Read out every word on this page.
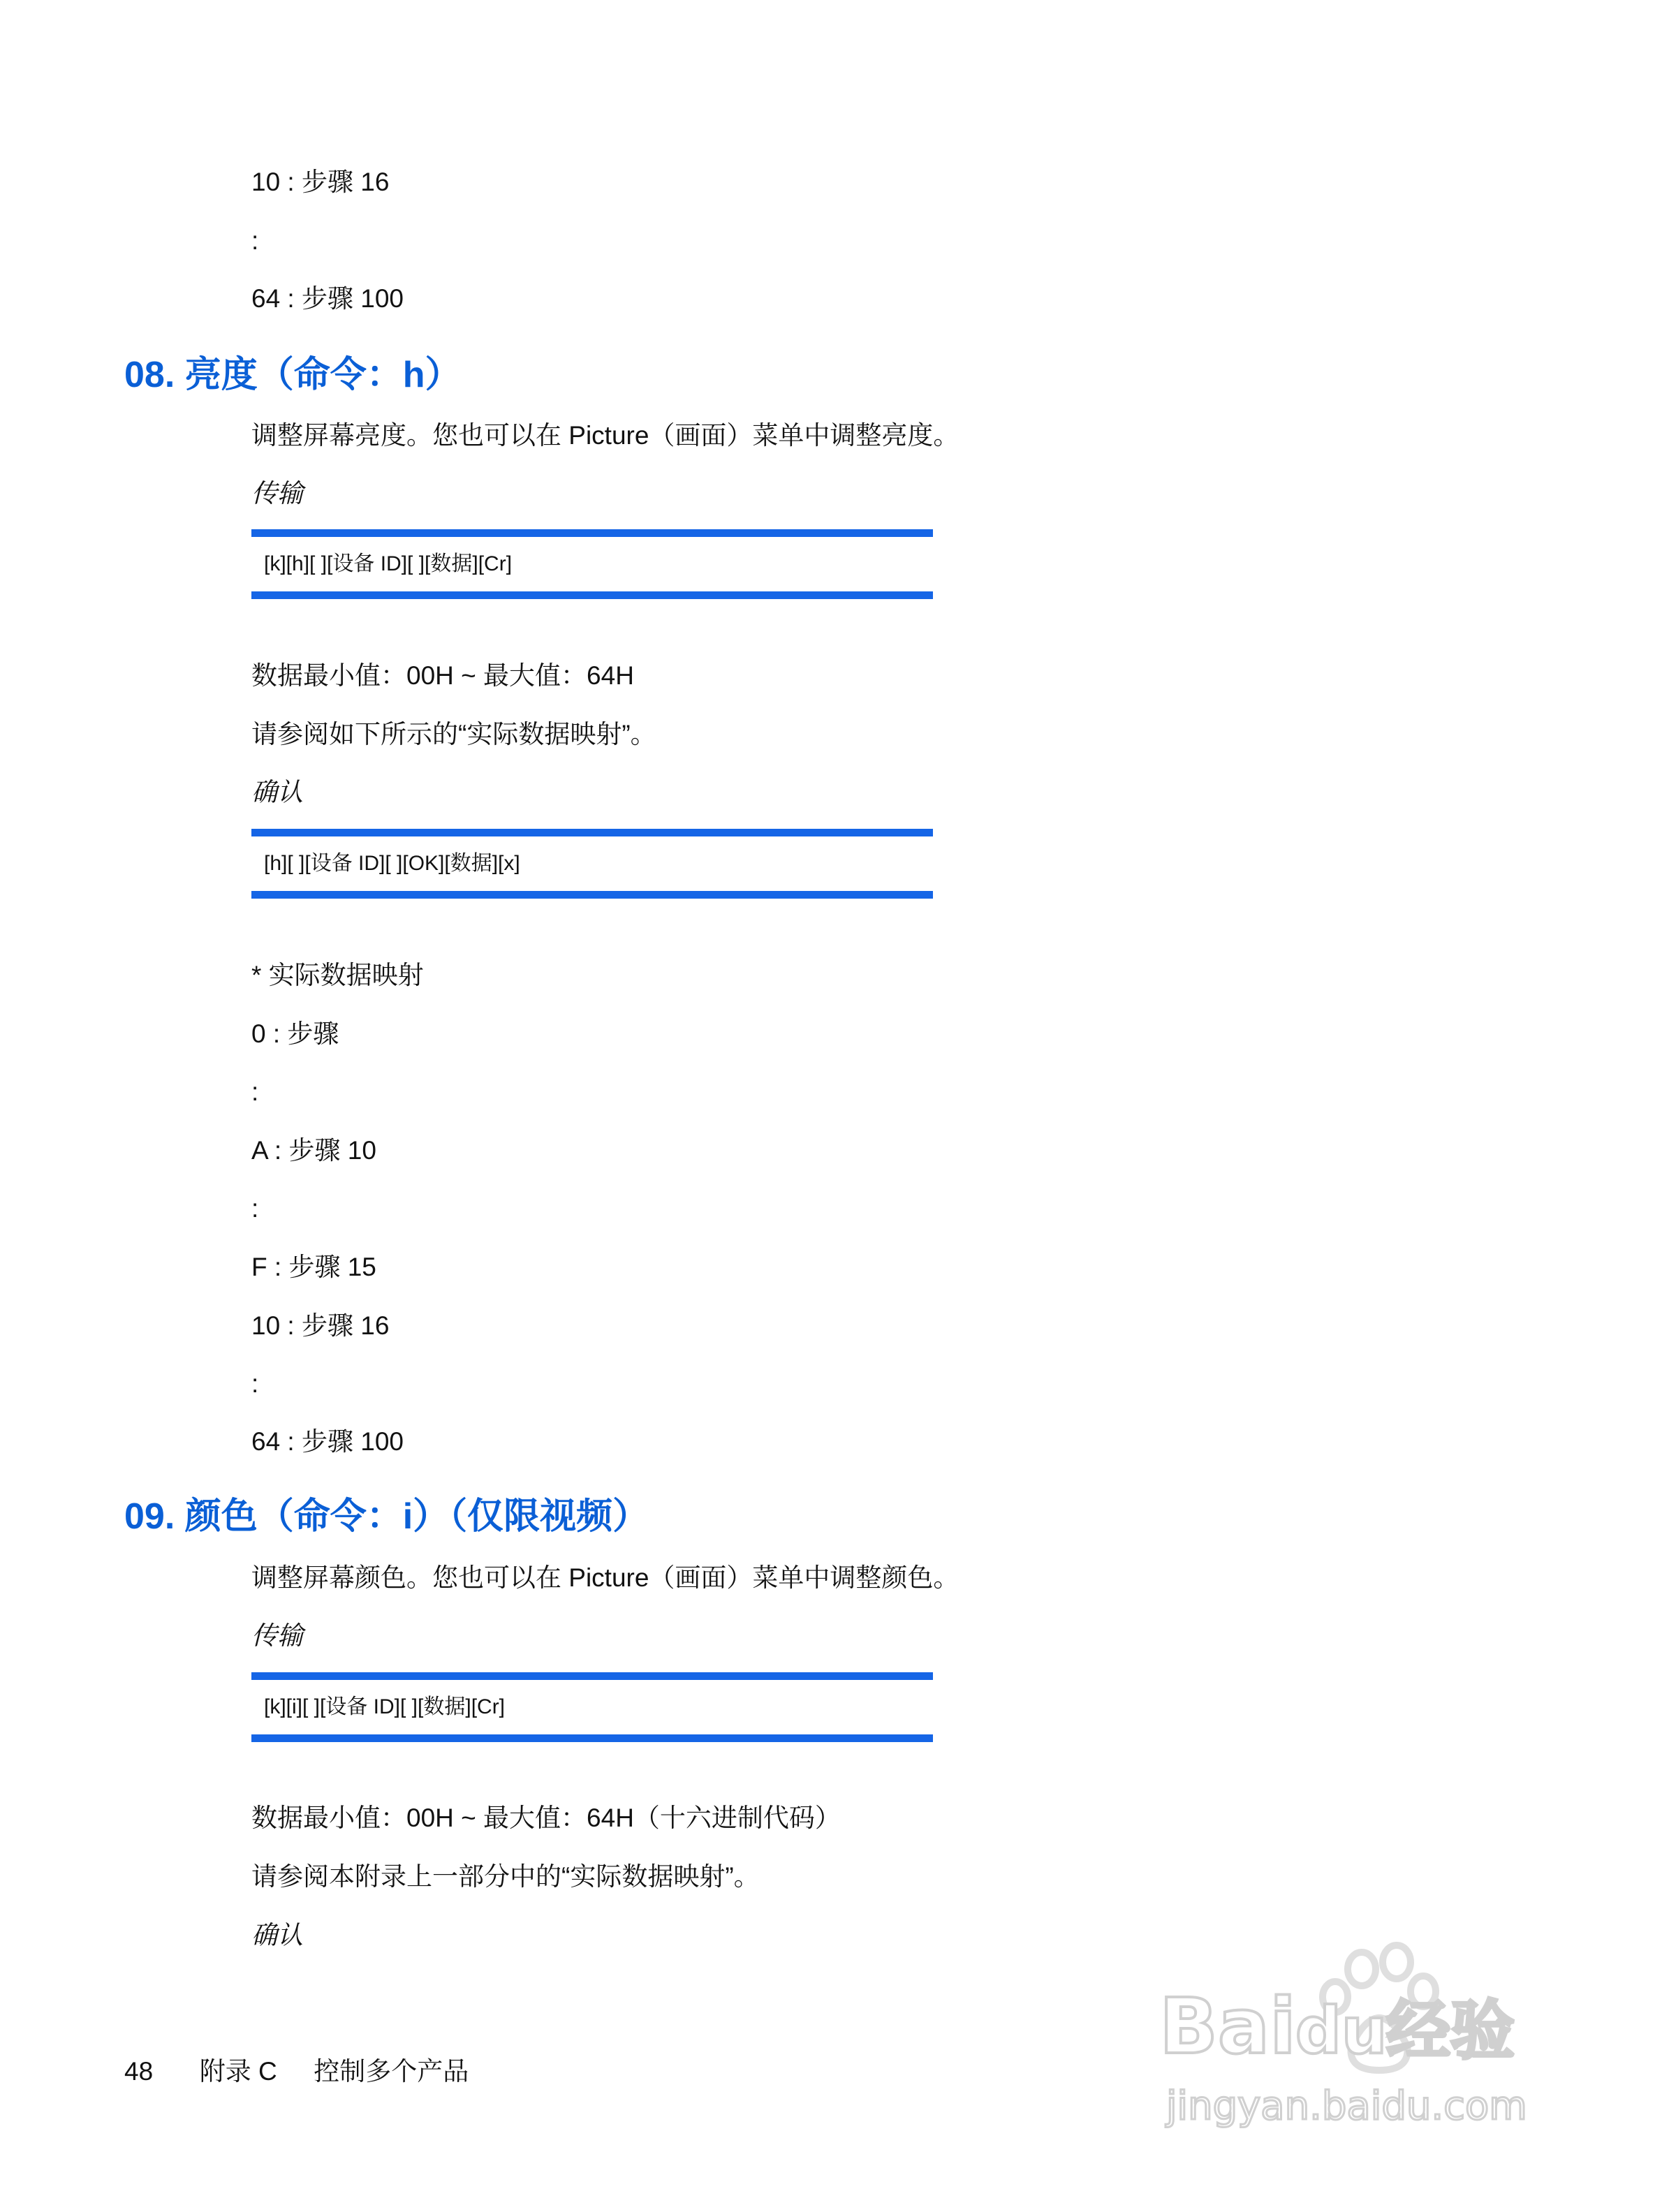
10 : 步骤 16

:

64 : 步骤 100

08. 亮度（命令：h）

调整屏幕亮度。您也可以在 Picture（画面）菜单中调整亮度。

传输

[k][h][ ][设备 ID][ ][数据][Cr]

数据最小值：00H ~ 最大值：64H

请参阅如下所示的“实际数据映射”。

确认

[h][ ][设备 ID][ ][OK][数据][x]

* 实际数据映射

0 : 步骤

:

A : 步骤 10

:

F : 步骤 15

10 : 步骤 16

:

64 : 步骤 100

09. 颜色（命令：i）（仅限视频）

调整屏幕颜色。您也可以在 Picture（画面）菜单中调整颜色。

传输

[k][i][ ][设备 ID][ ][数据][Cr]

数据最小值：00H ~ 最大值：64H（十六进制代码）

请参阅本附录上一部分中的“实际数据映射”。

确认

48 附录 C 控制多个产品
Bai du
经验
jingyan.baidu.com
